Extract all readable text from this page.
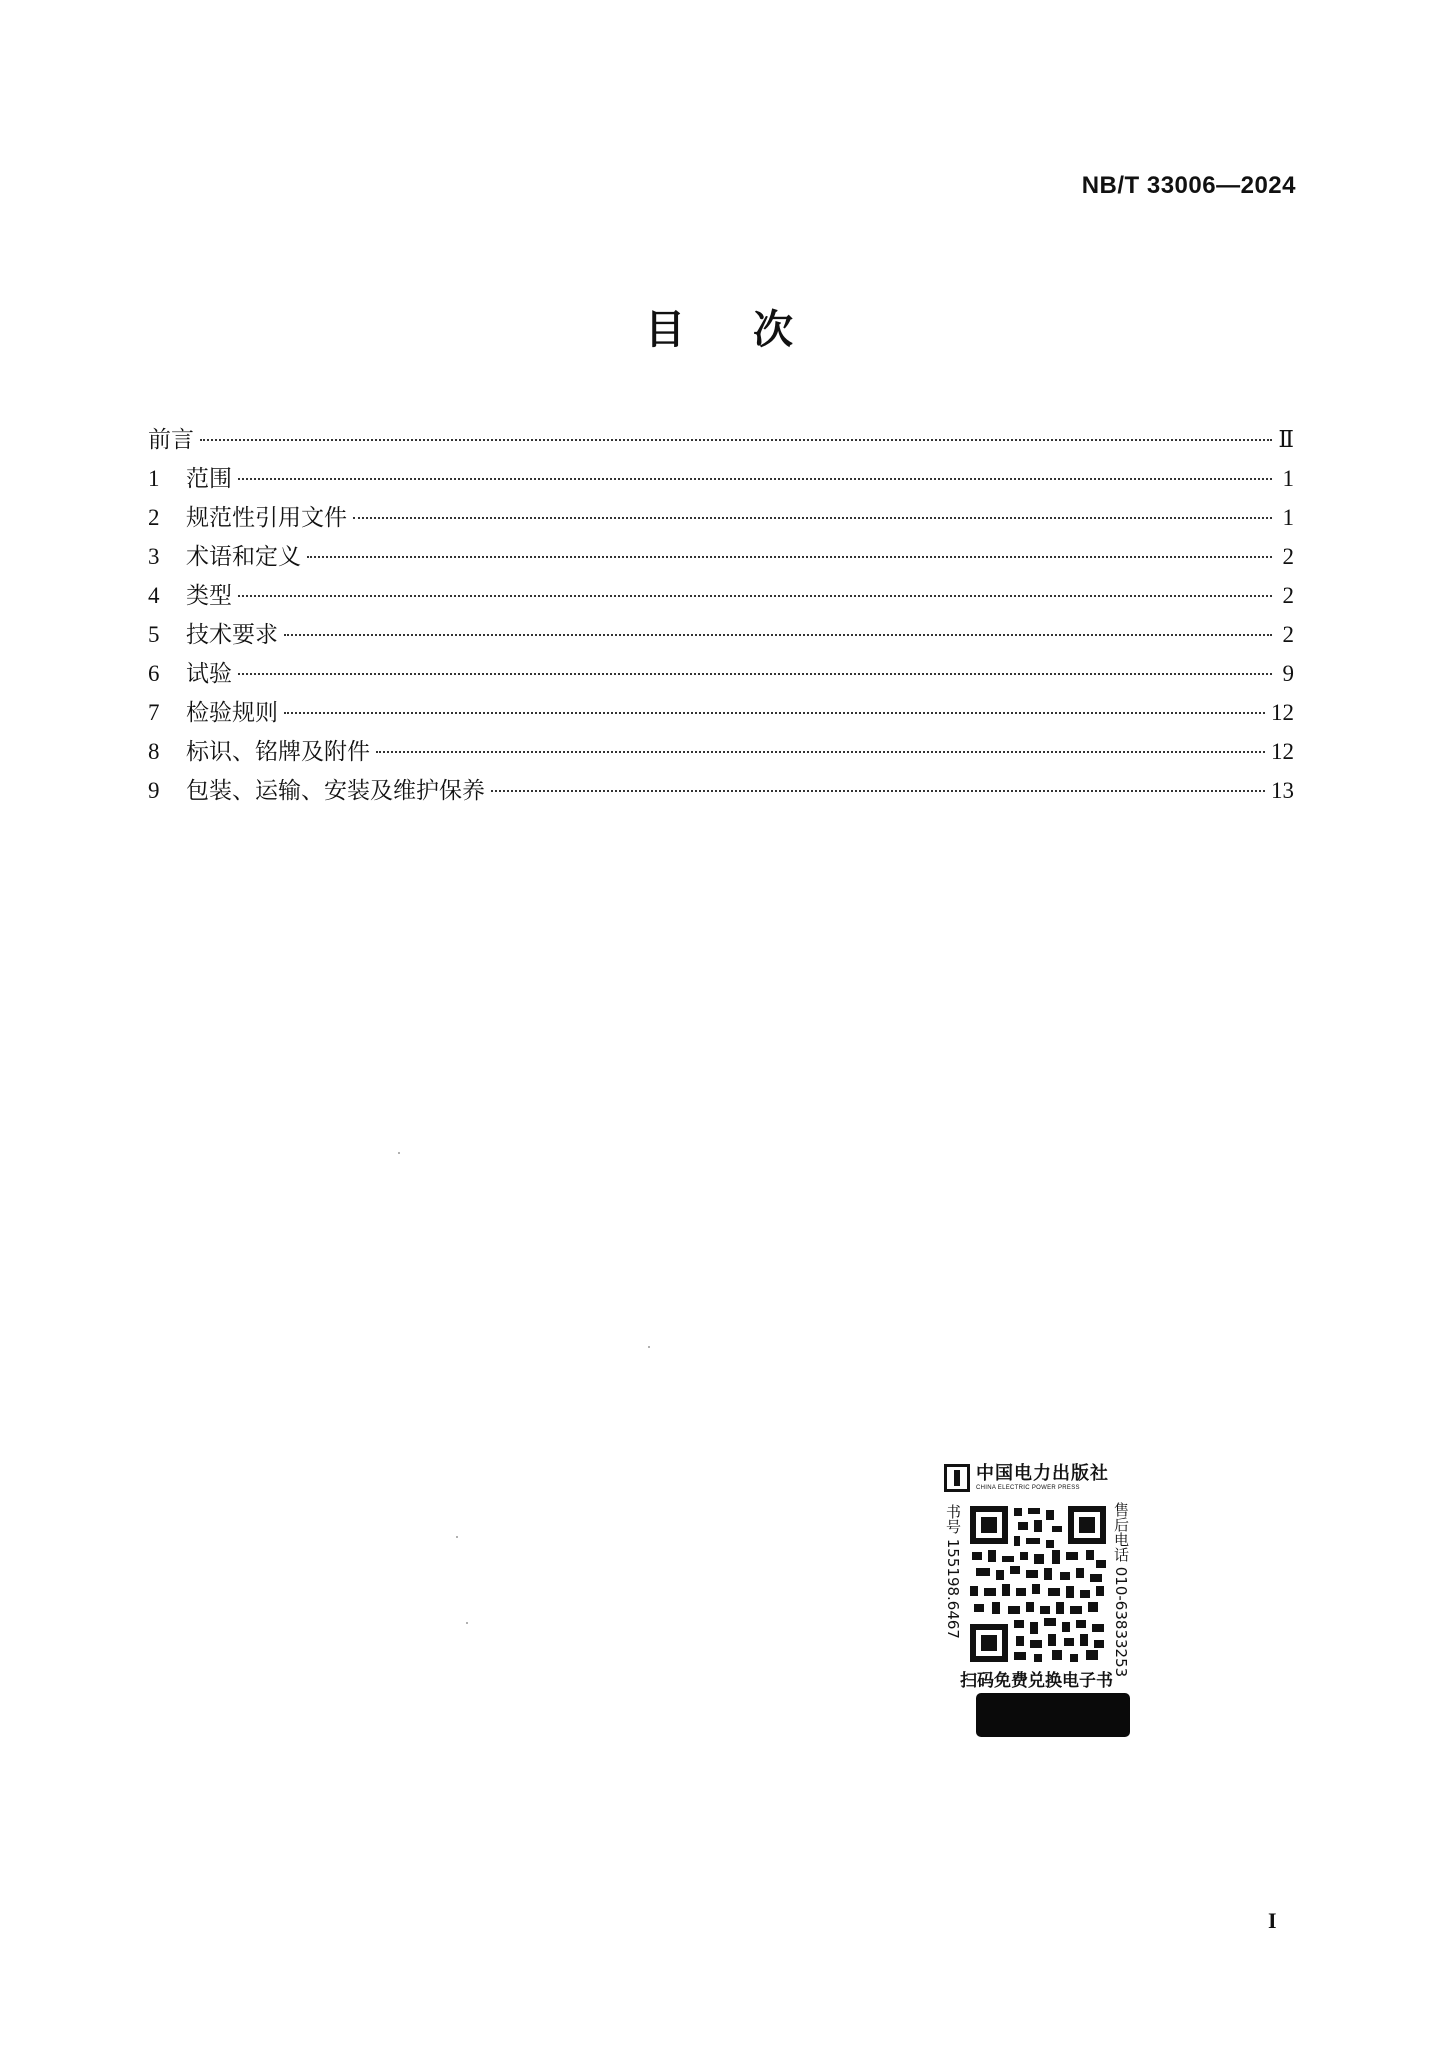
NB/T 33006—2024
目次
前言	Ⅱ
1	范围	1
2	规范性引用文件	1
3	术语和定义	2
4	类型	2
5	技术要求	2
6	试验	9
7	检验规则	12
8	标识、铭牌及附件	12
9	包装、运输、安装及维护保养	13
中国电力出版社
CHINA ELECTRIC POWER PRESS
书号 155198.6467	售后电话 010-63833253
扫码免费兑换电子书
I
